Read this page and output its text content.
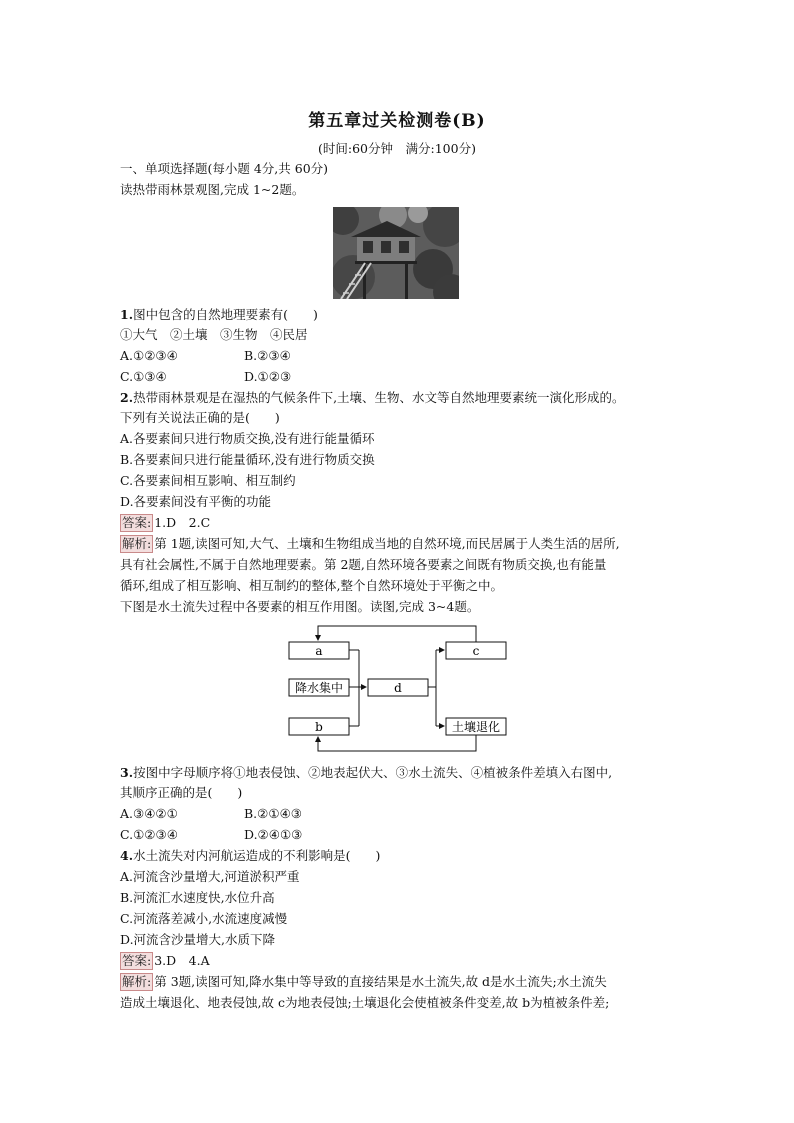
第五章过关检测卷(B)
(时间:60分钟　满分:100分)
一、单项选择题(每小题 4分,共 60分)
读热带雨林景观图,完成 1~2题。
1.图中包含的自然地理要素有(　　)
①大气　②土壤　③生物　④民居
A.①②③④	B.②③④
C.①③④	D.①②③
2.热带雨林景观是在湿热的气候条件下,土壤、生物、水文等自然地理要素统一演化形成的。
下列有关说法正确的是(　　)
A.各要素间只进行物质交换,没有进行能量循环
B.各要素间只进行能量循环,没有进行物质交换
C.各要素间相互影响、相互制约
D.各要素间没有平衡的功能
答案: 1.D　2.C
解析: 第 1题,读图可知,大气、土壤和生物组成当地的自然环境,而民居属于人类生活的居所,
具有社会属性,不属于自然地理要素。第 2题,自然环境各要素之间既有物质交换,也有能量
循环,组成了相互影响、相互制约的整体,整个自然环境处于平衡之中。
下图是水土流失过程中各要素的相互作用图。读图,完成 3~4题。
a	c
降水集中	d
b	土壤退化
3.按图中字母顺序将①地表侵蚀、②地表起伏大、③水土流失、④植被条件差填入右图中,
其顺序正确的是(　　)
A.③④②①	B.②①④③
C.①②③④	D.②④①③
4.水土流失对内河航运造成的不利影响是(　　)
A.河流含沙量增大,河道淤积严重
B.河流汇水速度快,水位升高
C.河流落差减小,水流速度减慢
D.河流含沙量增大,水质下降
答案: 3.D　4.A
解析: 第 3题,读图可知,降水集中等导致的直接结果是水土流失,故 d是水土流失;水土流失
造成土壤退化、地表侵蚀,故 c为地表侵蚀;土壤退化会使植被条件变差,故 b为植被条件差;
